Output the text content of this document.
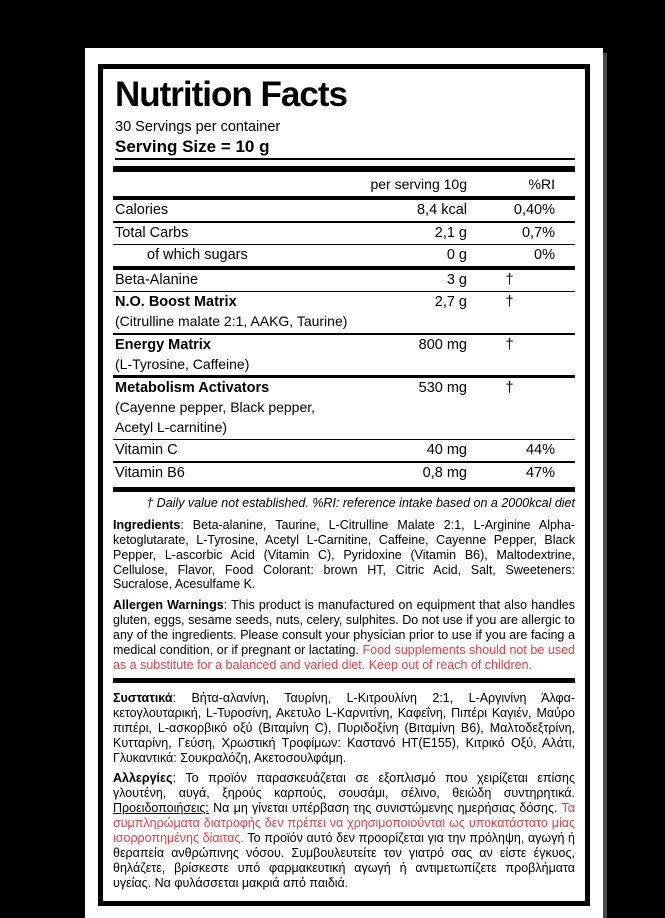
Nutrition Facts
30 Servings per container
Serving Size = 10 g
per serving 10g	%RI
Calories	8,4 kcal	0,40%
Total Carbs	2,1 g	0,7%
of which sugars	0 g	0%
Beta-Alanine	3 g	†
N.O. Boost Matrix	2,7 g	†
(Citrulline malate 2:1, AAKG, Taurine)
Energy Matrix	800 mg	†
(L-Tyrosine, Caffeine)
Metabolism Activators	530 mg	†
(Cayenne pepper, Black pepper,
Acetyl L-carnitine)
Vitamin C	40 mg	44%
Vitamin B6	0,8 mg	47%
† Daily value not established. %RI: reference intake based on a 2000kcal diet

Ingredients: Beta-alanine, Taurine, L-Citrulline Malate 2:1, L-Arginine Alpha-ketoglutarate, L-Tyrosine, Acetyl L-Carnitine, Caffeine, Cayenne Pepper, Black Pepper, L-ascorbic Acid (Vitamin C), Pyridoxine (Vitamin B6), Maltodextrine, Cellulose, Flavor, Food Colorant: brown HT, Citric Acid, Salt, Sweeteners: Sucralose, Acesulfame K.

Allergen Warnings: This product is manufactured on equipment that also handles gluten, eggs, sesame seeds, nuts, celery, sulphites. Do not use if you are allergic to any of the ingredients. Please consult your physician prior to use if you are facing a medical condition, or if pregnant or lactating. Food supplements should not be used as a substitute for a balanced and varied diet. Keep out of reach of children.

Συστατικά: Βήτα-αλανίνη, Ταυρίνη, L-Κιτρουλίνη 2:1, L-Αργινίνη Άλφα-κετογλουταρική, L-Τυροσίνη, Ακετυλο L-Καρνιτίνη, Καφεΐνη, Πιπέρι Καγιέν, Μαύρο πιπέρι, L-ασκορβικό οξύ (Βιταμίνη C), Πυριδοξίνη (Βιταμίνη B6), Μαλτοδεξτρίνη, Κυτταρίνη, Γεύση, Χρωστική Τροφίμων: Καστανό HT(E155), Κιτρικό Οξύ, Αλάτι, Γλυκαντικά: Σουκραλόζη, Ακετοσουλφάμη.

Αλλεργίες: Το προϊόν παρασκευάζεται σε εξοπλισμό που χειρίζεται επίσης γλουτένη, αυγά, ξηρούς καρπούς, σουσάμι, σέλινο, θειώδη συντηρητικά. Προειδοποιήσεις: Να μη γίνεται υπέρβαση της συνιστώμενης ημερήσιας δόσης. Τα συμπληρώματα διατροφής δεν πρέπει να χρησιμοποιούνται ως υποκατάστατο μίας ισορροπημένης δίαιτας. Το προϊόν αυτό δεν προορίζεται για την πρόληψη, αγωγή ή θεραπεία ανθρώπινης νόσου. Συμβουλευτείτε τον γιατρό σας αν είστε έγκυος, θηλάζετε, βρίσκεστε υπό φαρμακευτική αγωγή ή αντιμετωπίζετε προβλήματα υγείας. Να φυλάσσεται μακριά από παιδιά.
